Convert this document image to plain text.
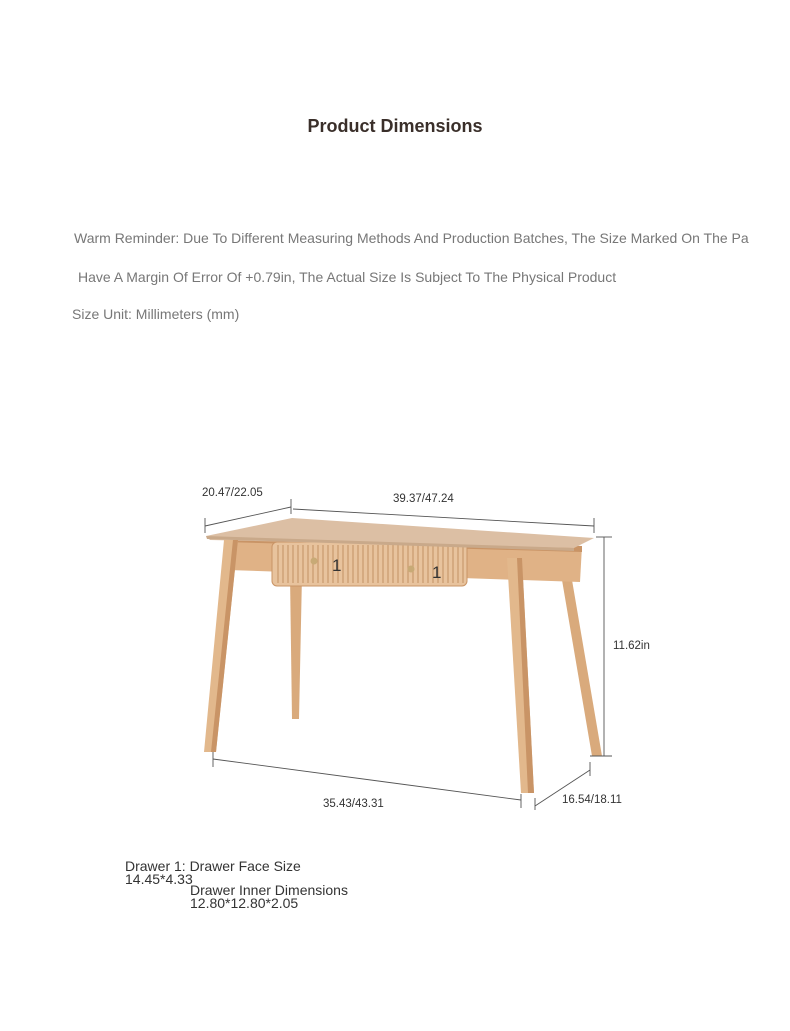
Product Dimensions
Warm Reminder: Due To Different Measuring Methods And Production Batches, The Size Marked On The Pa
Have A Margin Of Error Of +0.79in, The Actual Size Is Subject To The Physical Product
Size Unit: Millimeters (mm)
1	1
20.47/22.05	39.37/47.24
11.62in
35.43/43.31	16.54/18.11
Drawer 1: Drawer Face Size
14.45*4.33
Drawer Inner Dimensions
12.80*12.80*2.05
